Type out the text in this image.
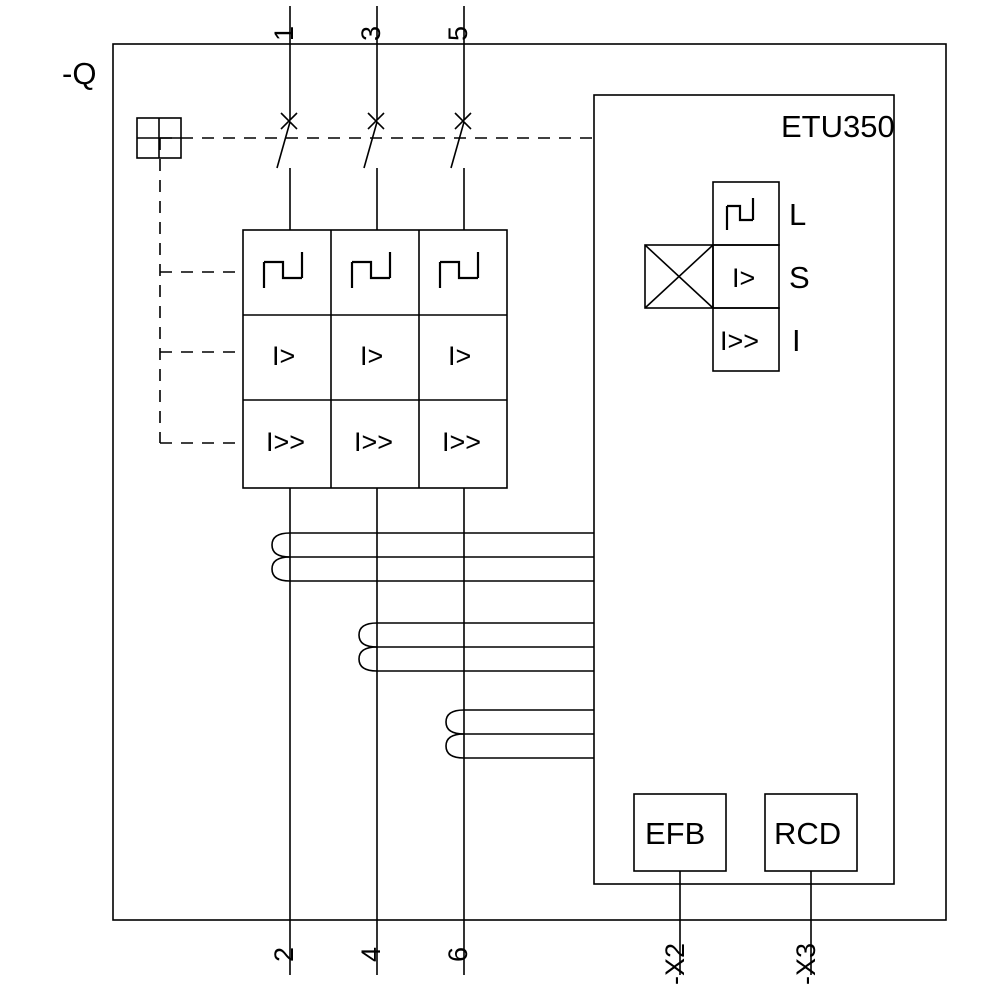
-Q
ETU350
1 3 5
2 4 6	-X2	-X3
I> I> I>
I>> I>> I>>
I>
I>>
L
S
I
EFB RCD
